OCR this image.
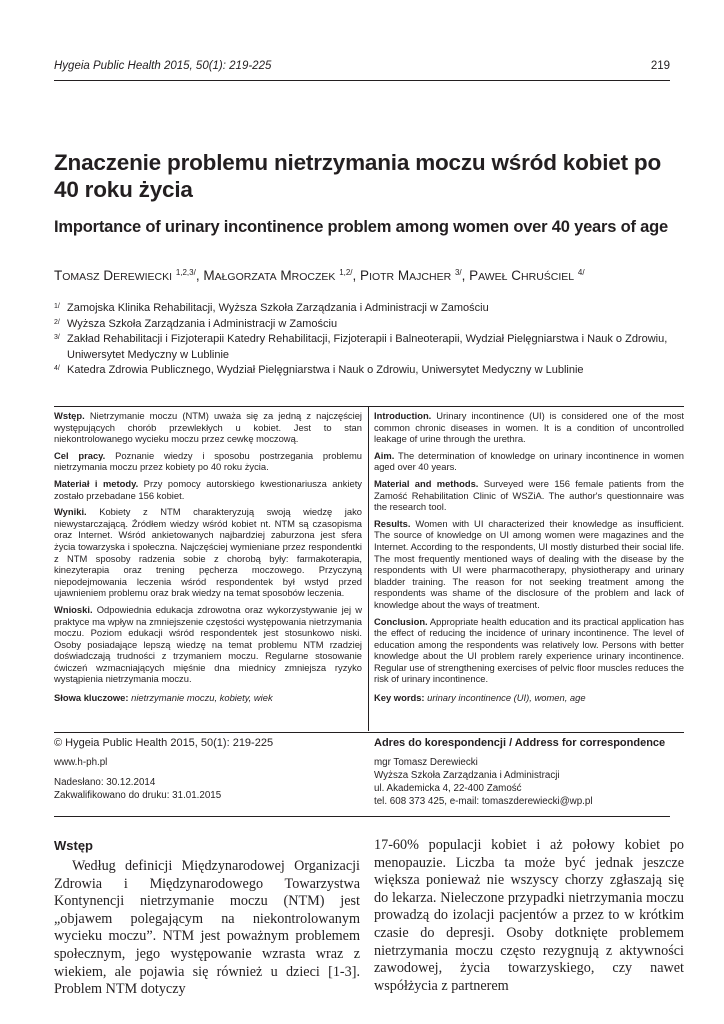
Hygeia Public Health 2015, 50(1): 219-225	219
Znaczenie problemu nietrzymania moczu wśród kobiet po 40 roku życia
Importance of urinary incontinence problem among women over 40 years of age
TOMASZ DEREWIECKI $^{1,2,3/}$, MAŁGORZATA MROCZEK $^{1,2/}$, PIOTR MAJCHER $^{3/}$, PAWEŁ CHRUŚCIEL $^{4/}$
1/ Zamojska Klinika Rehabilitacji, Wyższa Szkoła Zarządzania i Administracji w Zamościu
2/ Wyższa Szkoła Zarządzania i Administracji w Zamościu
3/ Zakład Rehabilitacji i Fizjoterapii Katedry Rehabilitacji, Fizjoterapii i Balneoterapii, Wydział Pielęgniarstwa i Nauk o Zdrowiu, Uniwersytet Medyczny w Lublinie
4/ Katedra Zdrowia Publicznego, Wydział Pielęgniarstwa i Nauk o Zdrowiu, Uniwersytet Medyczny w Lublinie

Wstęp. Nietrzymanie moczu (NTM) uważa się za jedną z najczęściej występujących chorób przewlekłych u kobiet. Jest to stan niekontrolowanego wycieku moczu przez cewkę moczową.

Cel pracy. Poznanie wiedzy i sposobu postrzegania problemu nietrzymania moczu przez kobiety po 40 roku życia.

Materiał i metody. Przy pomocy autorskiego kwestionariusza ankiety zostało przebadane 156 kobiet.

Wyniki. Kobiety z NTM charakteryzują swoją wiedzę jako niewystarczającą. Źródłem wiedzy wśród kobiet nt. NTM są czasopisma oraz Internet. Wśród ankietowanych najbardziej zaburzona jest sfera życia towarzyska i społeczna. Najczęściej wymieniane przez respondentki z NTM sposoby radzenia sobie z chorobą były: farmakoterapia, kinezyterapia oraz trening pęcherza moczowego. Przyczyną niepodejmowania leczenia wśród respondentek był wstyd przed ujawnieniem problemu oraz brak wiedzy na temat sposobów leczenia.

Wnioski. Odpowiednia edukacja zdrowotna oraz wykorzystywanie jej w praktyce ma wpływ na zmniejszenie częstości występowania nietrzymania moczu. Poziom edukacji wśród respondentek jest stosunkowo niski. Osoby posiadające lepszą wiedzę na temat problemu NTM rzadziej doświadczają trudności z trzymaniem moczu. Regularne stosowanie ćwiczeń wzmacniających mięśnie dna miednicy zmniejsza ryzyko wystąpienia nietrzymania moczu.

Słowa kluczowe: nietrzymanie moczu, kobiety, wiek

Introduction. Urinary incontinence (UI) is considered one of the most common chronic diseases in women. It is a condition of uncontrolled leakage of urine through the urethra.

Aim. The determination of knowledge on urinary incontinence in women aged over 40 years.

Material and methods. Surveyed were 156 female patients from the Zamość Rehabilitation Clinic of WSZiA. The author's questionnaire was the research tool.

Results. Women with UI characterized their knowledge as insufficient. The source of knowledge on UI among women were magazines and the Internet. According to the respondents, UI mostly disturbed their social life. The most frequently mentioned ways of dealing with the disease by the respondents with UI were pharmacotherapy, physiotherapy and urinary bladder training. The reason for not seeking treatment among the respondents was shame of the disclosure of the problem and lack of knowledge about the ways of treatment.

Conclusion. Appropriate health education and its practical application has the effect of reducing the incidence of urinary incontinence. The level of education among the respondents was relatively low. Persons with better knowledge about the UI problem rarely experience urinary incontinence. Regular use of strengthening exercises of pelvic floor muscles reduces the risk of urinary incontinence.

Key words: urinary incontinence (UI), women, age

© Hygeia Public Health 2015, 50(1): 219-225
www.h-ph.pl
Nadesłano: 30.12.2014
Zakwalifikowano do druku: 31.01.2015
Adres do korespondencji / Address for correspondence
mgr Tomasz Derewiecki
Wyższa Szkoła Zarządzania i Administracji
ul. Akademicka 4, 22-400 Zamość
tel. 608 373 425, e-mail: tomaszderewiecki@wp.pl
Wstęp
Według definicji Międzynarodowej Organizacji Zdrowia i Międzynarodowego Towarzystwa Kontynencji nietrzymanie moczu (NTM) jest „objawem polegającym na niekontrolowanym wycieku moczu”. NTM jest poważnym problemem społecznym, jego występowanie wzrasta wraz z wiekiem, ale pojawia się również u dzieci [1-3]. Problem NTM dotyczy
17-60% populacji kobiet i aż połowy kobiet po menopauzie. Liczba ta może być jednak jeszcze większa ponieważ nie wszyscy chorzy zgłaszają się do lekarza. Nieleczone przypadki nietrzymania moczu prowadzą do izolacji pacjentów a przez to w krótkim czasie do depresji. Osoby dotknięte problemem nietrzymania moczu często rezygnują z aktywności zawodowej, życia towarzyskiego, czy nawet współżycia z partnerem
